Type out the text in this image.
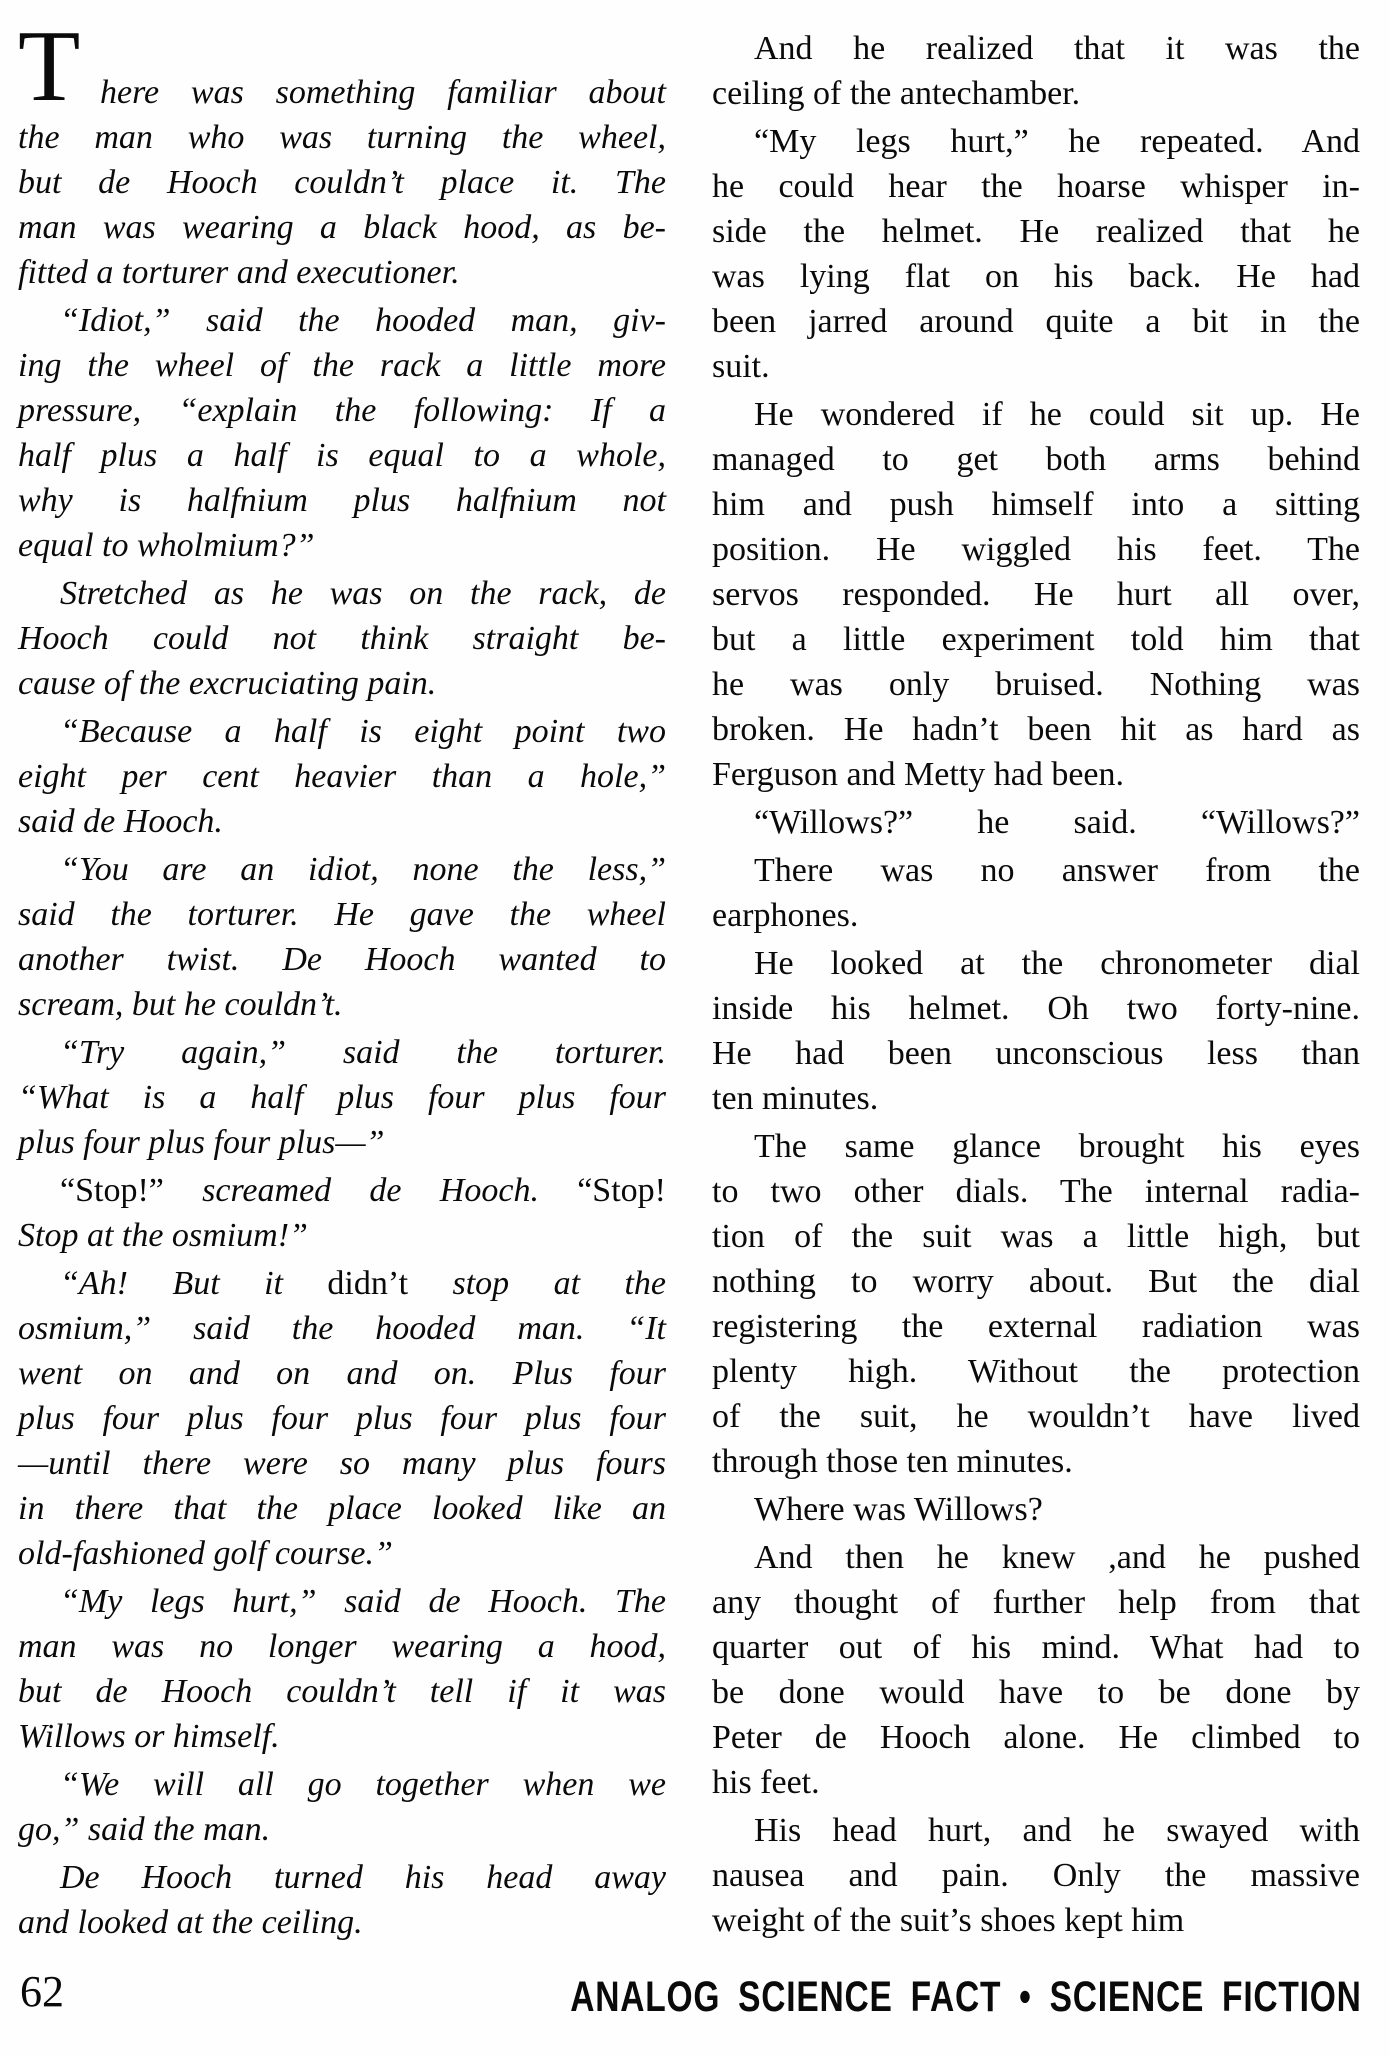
T here was something familiar about
the man who was turning the wheel,
but de Hooch couldn’t place it. The
man was wearing a black hood, as be-
fitted a torturer and executioner.
“Idiot,” said the hooded man, giv-
ing the wheel of the rack a little more
pressure, “explain the following: If a
half plus a half is equal to a whole,
why is halfnium plus halfnium not
equal to wholmium?”
Stretched as he was on the rack, de
Hooch could not think straight be-
cause of the excruciating pain.
“Because a half is eight point two
eight per cent heavier than a hole,”
said de Hooch.
“You are an idiot, none the less,”
said the torturer. He gave the wheel
another twist. De Hooch wanted to
scream, but he couldn’t.
“Try again,” said the torturer.
“What is a half plus four plus four
plus four plus four plus—”
“Stop!” screamed de Hooch. “Stop!
Stop at the osmium!”
“Ah! But it didn’t stop at the
osmium,” said the hooded man. “It
went on and on and on. Plus four
plus four plus four plus four plus four
—until there were so many plus fours
in there that the place looked like an
old-fashioned golf course.”
“My legs hurt,” said de Hooch. The
man was no longer wearing a hood,
but de Hooch couldn’t tell if it was
Willows or himself.
“We will all go together when we
go,” said the man.
De Hooch turned his head away
and looked at the ceiling.
And he realized that it was the
ceiling of the antechamber.
“My legs hurt,” he repeated. And
he could hear the hoarse whisper in-
side the helmet. He realized that he
was lying flat on his back. He had
been jarred around quite a bit in the
suit.
He wondered if he could sit up. He
managed to get both arms behind
him and push himself into a sitting
position. He wiggled his feet. The
servos responded. He hurt all over,
but a little experiment told him that
he was only bruised. Nothing was
broken. He hadn’t been hit as hard as
Ferguson and Metty had been.
“Willows?” he said. “Willows?”
There was no answer from the
earphones.
He looked at the chronometer dial
inside his helmet. Oh two forty-nine.
He had been unconscious less than
ten minutes.
The same glance brought his eyes
to two other dials. The internal radia-
tion of the suit was a little high, but
nothing to worry about. But the dial
registering the external radiation was
plenty high. Without the protection
of the suit, he wouldn’t have lived
through those ten minutes.
Where was Willows?
And then he knew ,and he pushed
any thought of further help from that
quarter out of his mind. What had to
be done would have to be done by
Peter de Hooch alone. He climbed to
his feet.
His head hurt, and he swayed with
nausea and pain. Only the massive
weight of the suit’s shoes kept him
62	ANALOG SCIENCE FACT • SCIENCE FICTION
